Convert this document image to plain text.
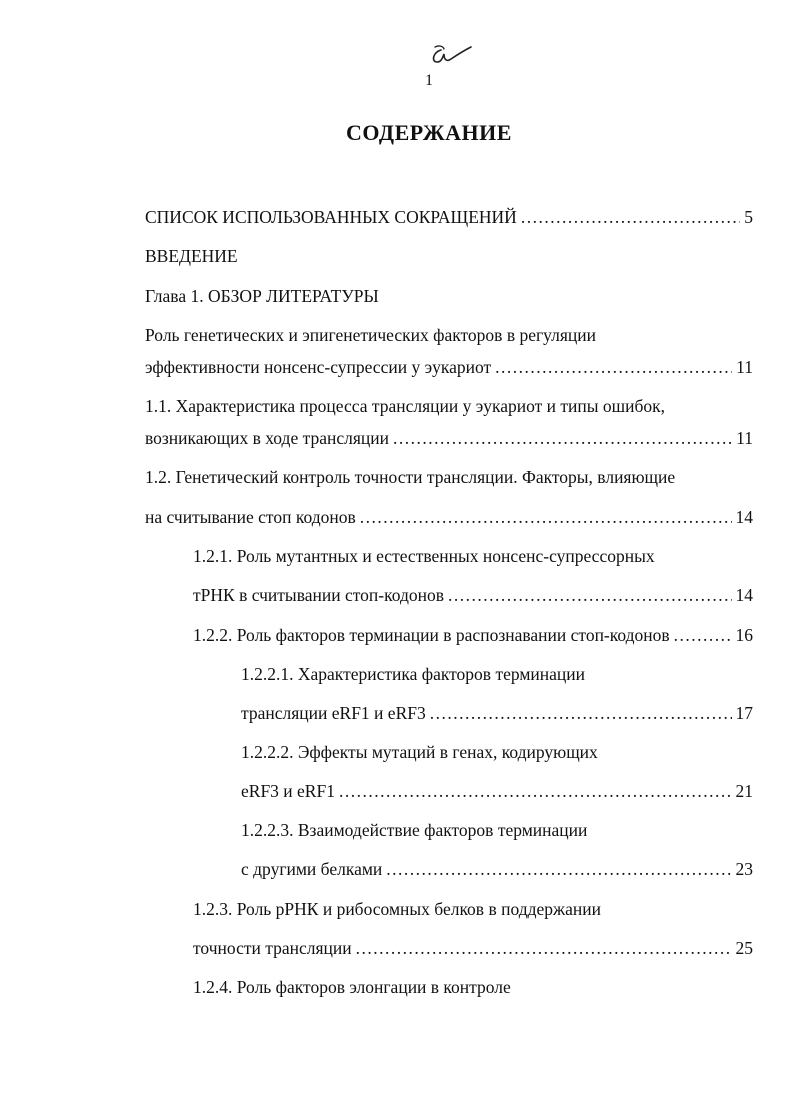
1
СОДЕРЖАНИЕ
СПИСОК ИСПОЛЬЗОВАННЫХ СОКРАЩЕНИЙ .....	5
ВВЕДЕНИЕ
Глава 1. ОБЗОР ЛИТЕРАТУРЫ
Роль генетических и эпигенетических факторов в регуляции
эффективности нонсенс-супрессии у эукариот .....	11
1.1. Характеристика процесса трансляции у эукариот и типы ошибок,
возникающих в ходе трансляции .....	11
1.2. Генетический контроль точности трансляции. Факторы, влияющие
на считывание стоп кодонов .....	14
1.2.1. Роль мутантных и естественных нонсенс-супрессорных
тРНК в считывании стоп-кодонов .....	14
1.2.2. Роль факторов терминации в распознавании стоп-кодонов .....	16
1.2.2.1. Характеристика факторов терминации
трансляции eRF1 и eRF3 .....	17
1.2.2.2. Эффекты мутаций в генах, кодирующих
eRF3 и eRF1 .....	21
1.2.2.3. Взаимодействие факторов терминации
с другими белками .....	23
1.2.3. Роль рРНК и рибосомных белков в поддержании
точности трансляции .....	25
1.2.4. Роль факторов элонгации в контроле
